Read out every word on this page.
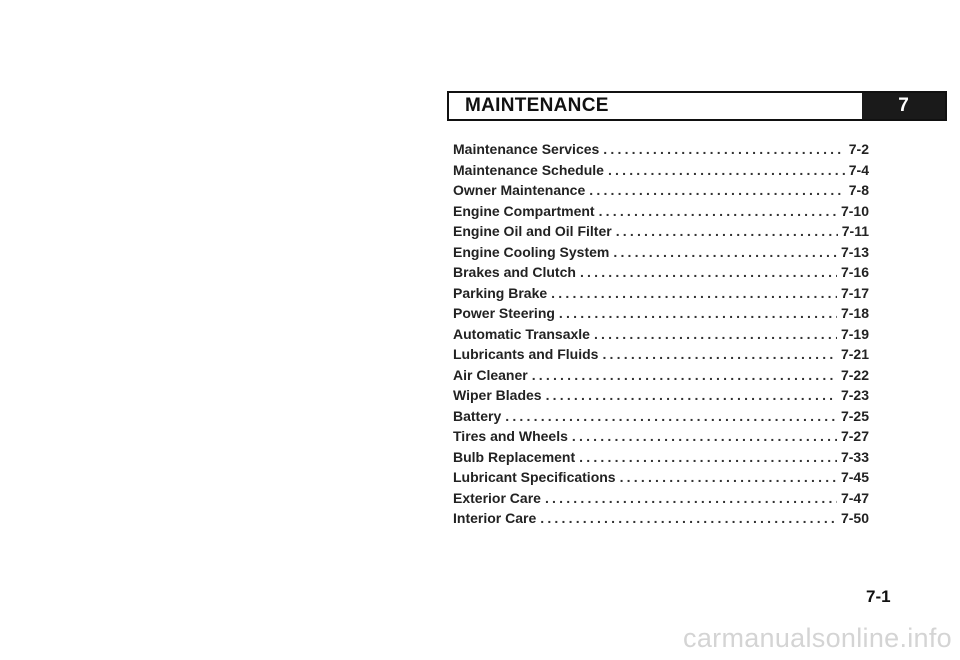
MAINTENANCE	7
Maintenance Services .....	7-2
Maintenance Schedule .....	7-4
Owner Maintenance .....	7-8
Engine Compartment .....	7-10
Engine Oil and Oil Filter .....	7-11
Engine Cooling System .....	7-13
Brakes and Clutch .....	7-16
Parking Brake .....	7-17
Power Steering .....	7-18
Automatic Transaxle .....	7-19
Lubricants and Fluids .....	7-21
Air Cleaner .....	7-22
Wiper Blades .....	7-23
Battery .....	7-25
Tires and Wheels .....	7-27
Bulb Replacement .....	7-33
Lubricant Specifications .....	7-45
Exterior Care .....	7-47
Interior Care .....	7-50
7-1
carmanualsonline.info
